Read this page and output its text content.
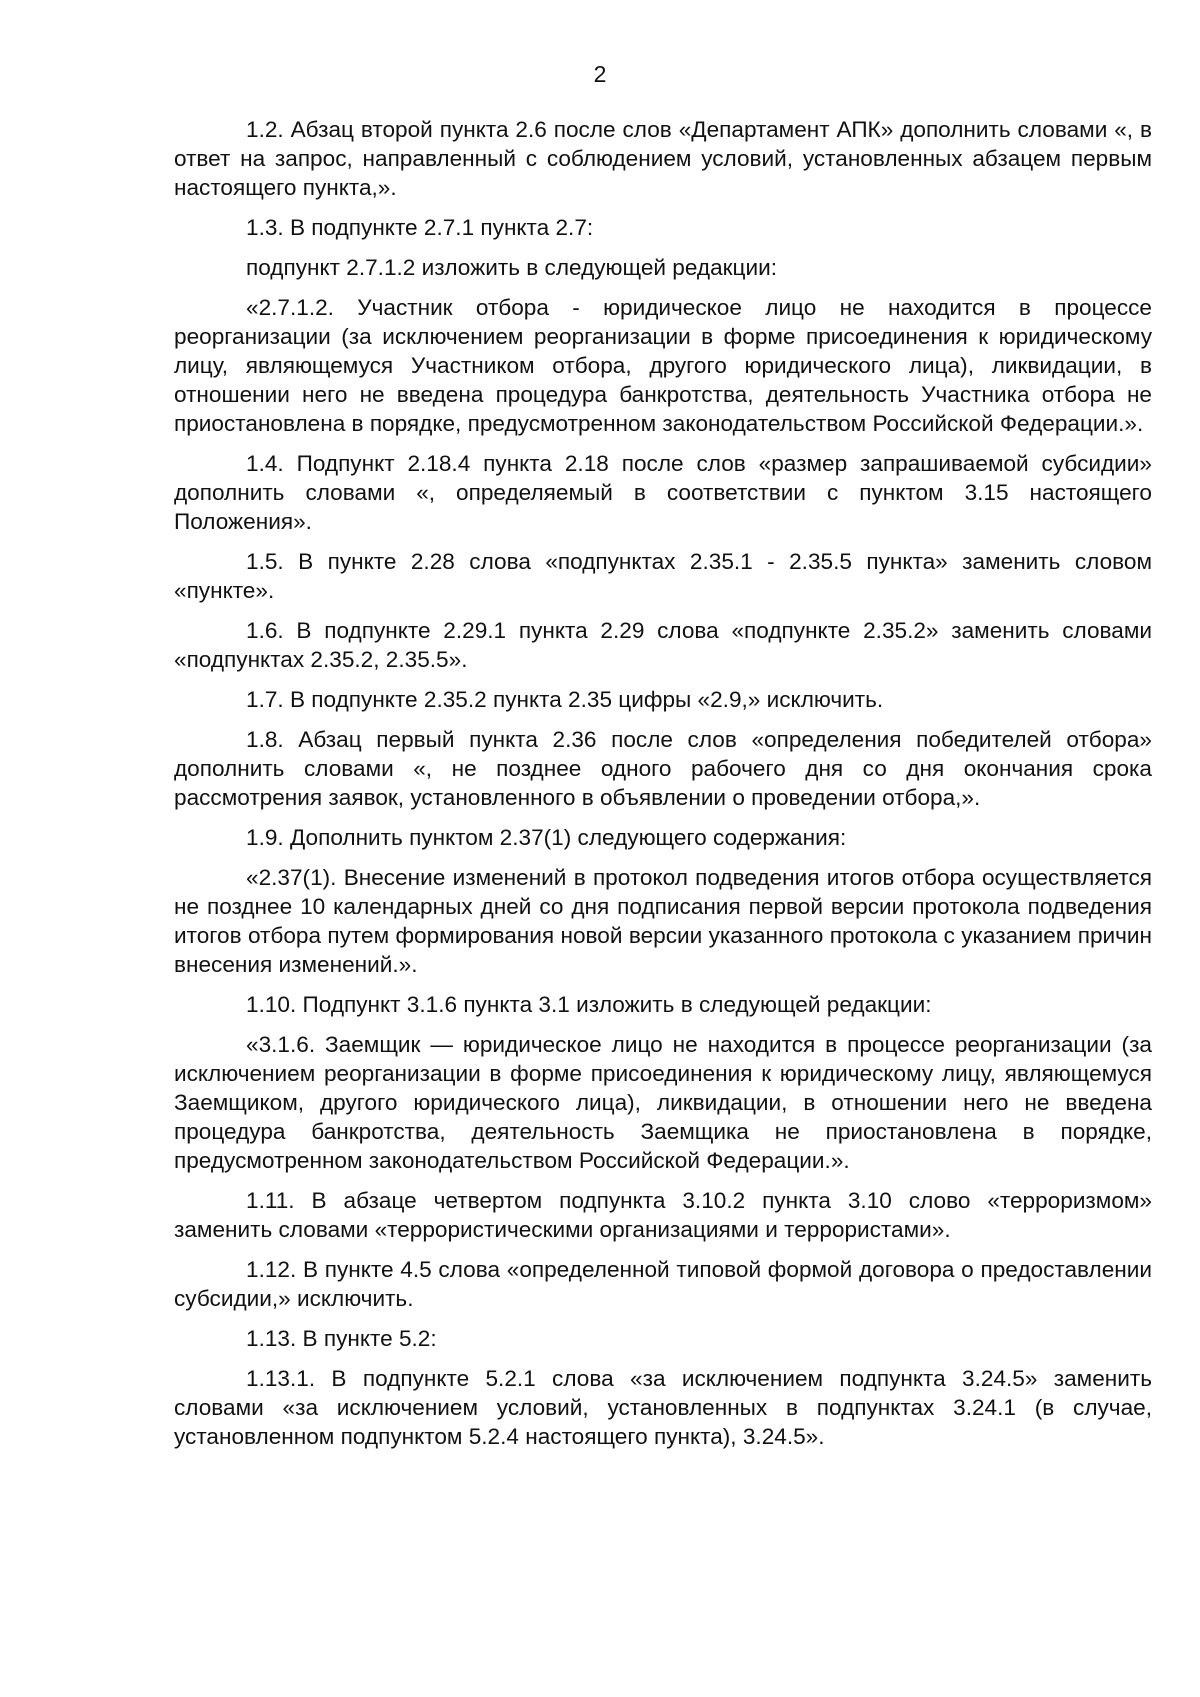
2

1.2. Абзац второй пункта 2.6 после слов «Департамент АПК» дополнить словами «, в ответ на запрос, направленный с соблюдением условий, установленных абзацем первым настоящего пункта,».

1.3. В подпункте 2.7.1 пункта 2.7:

подпункт 2.7.1.2 изложить в следующей редакции:

«2.7.1.2. Участник отбора - юридическое лицо не находится в процессе реорганизации (за исключением реорганизации в форме присоединения к юридическому лицу, являющемуся Участником отбора, другого юридического лица), ликвидации, в отношении него не введена процедура банкротства, деятельность Участника отбора не приостановлена в порядке, предусмотренном законодательством Российской Федерации.».

1.4. Подпункт 2.18.4 пункта 2.18 после слов «размер запрашиваемой субсидии» дополнить словами «, определяемый в соответствии с пунктом 3.15 настоящего Положения».

1.5. В пункте 2.28 слова «подпунктах 2.35.1 - 2.35.5 пункта» заменить словом «пункте».

1.6. В подпункте 2.29.1 пункта 2.29 слова «подпункте 2.35.2» заменить словами «подпунктах 2.35.2, 2.35.5».

1.7. В подпункте 2.35.2 пункта 2.35 цифры «2.9,» исключить.

1.8. Абзац первый пункта 2.36 после слов «определения победителей отбора» дополнить словами «, не позднее одного рабочего дня со дня окончания срока рассмотрения заявок, установленного в объявлении о проведении отбора,».

1.9. Дополнить пунктом 2.37(1) следующего содержания:

«2.37(1). Внесение изменений в протокол подведения итогов отбора осуществляется не позднее 10 календарных дней со дня подписания первой версии протокола подведения итогов отбора путем формирования новой версии указанного протокола с указанием причин внесения изменений.».

1.10. Подпункт 3.1.6 пункта 3.1 изложить в следующей редакции:

«3.1.6. Заемщик — юридическое лицо не находится в процессе реорганизации (за исключением реорганизации в форме присоединения к юридическому лицу, являющемуся Заемщиком, другого юридического лица), ликвидации, в отношении него не введена процедура банкротства, деятельность Заемщика не приостановлена в порядке, предусмотренном законодательством Российской Федерации.».

1.11. В абзаце четвертом подпункта 3.10.2 пункта 3.10 слово «терроризмом» заменить словами «террористическими организациями и террористами».

1.12. В пункте 4.5 слова «определенной типовой формой договора о предоставлении субсидии,» исключить.

1.13. В пункте 5.2:

1.13.1. В подпункте 5.2.1 слова «за исключением подпункта 3.24.5» заменить словами «за исключением условий, установленных в подпунктах 3.24.1 (в случае, установленном подпунктом 5.2.4 настоящего пункта), 3.24.5».
